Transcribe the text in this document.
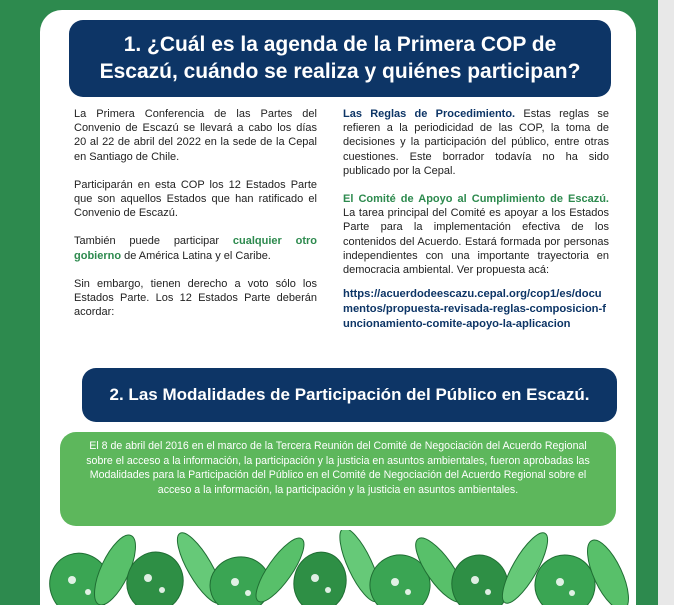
1. ¿Cuál es la agenda de la Primera COP de
Escazú, cuándo se realiza y quiénes participan?

La Primera Conferencia de las Partes del Convenio de Escazú se llevará a cabo los días 20 al 22 de abril del 2022 en la sede de la Cepal en Santiago de Chile.

Participarán en esta COP los 12 Estados Parte que son aquellos Estados que han ratificado el Convenio de Escazú.

También puede participar cualquier otro gobierno de América Latina y el Caribe.

Sin embargo, tienen derecho a voto sólo los Estados Parte. Los 12 Estados Parte deberán acordar:

Las Reglas de Procedimiento. Estas reglas se refieren a la periodicidad de las COP, la toma de decisiones y la participación del público, entre otras cuestiones. Este borrador todavía no ha sido publicado por la Cepal.

El Comité de Apoyo al Cumplimiento de Escazú. La tarea principal del Comité es apoyar a los Estados Parte para la implementación efectiva de los contenidos del Acuerdo. Estará formada por personas independientes con una importante trayectoria en democracia ambiental. Ver propuesta acá:

https://acuerdodeescazu.cepal.org/cop1/es/documentos/propuesta-revisada-reglas-composicion-funcionamiento-comite-apoyo-la-aplicacion
2. Las Modalidades de Participación del Público en Escazú.
El 8 de abril del 2016 en el marco de la Tercera Reunión del Comité de Negociación del Acuerdo Regional sobre el acceso a la información, la participación y la justicia en asuntos ambientales, fueron aprobadas las Modalidades para la Participación del Público en el Comité de Negociación del Acuerdo Regional sobre el acceso a la información, la participación y la justicia en asuntos ambientales.
